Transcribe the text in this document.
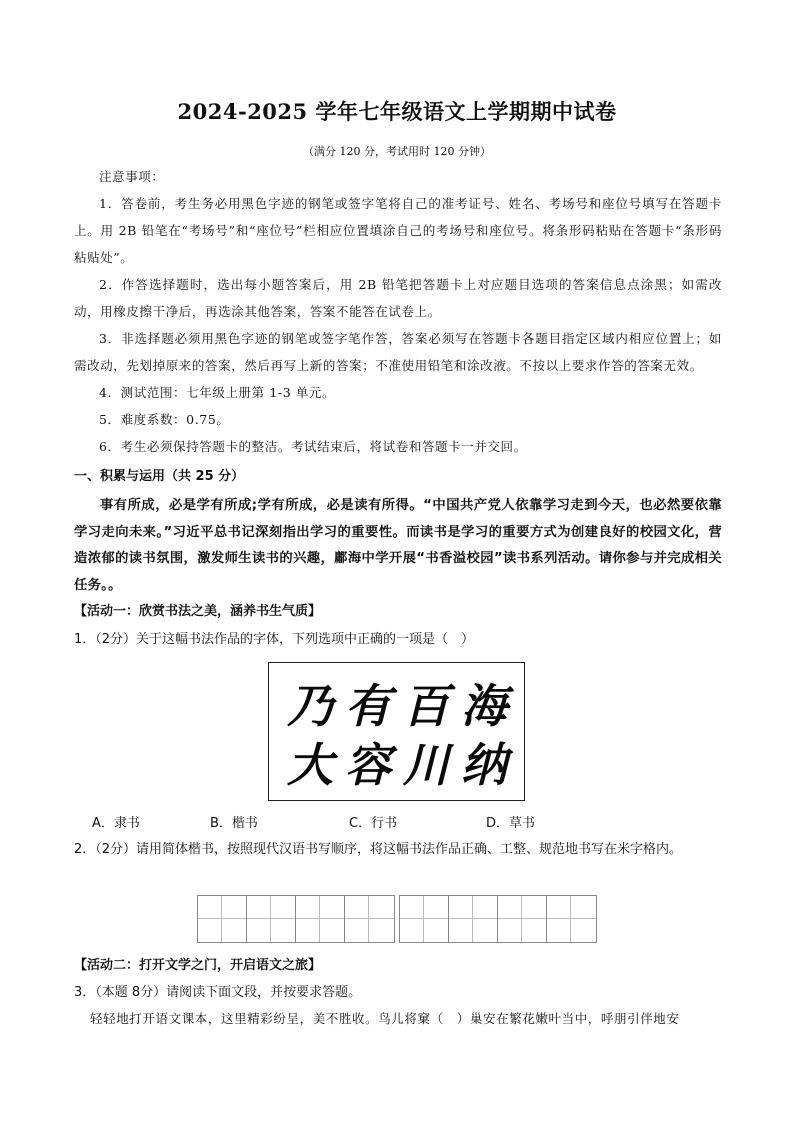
2024-2025 学年七年级语文上学期期中试卷
（满分 120 分，考试用时 120 分钟）

注意事项：

1．答卷前，考生务必用黑色字迹的钢笔或签字笔将自己的准考证号、姓名、考场号和座位号填写在答题卡上。用 2B 铅笔在“考场号”和“座位号”栏相应位置填涂自己的考场号和座位号。将条形码粘贴在答题卡“条形码粘贴处”。

2．作答选择题时，选出每小题答案后，用 2B 铅笔把答题卡上对应题目选项的答案信息点涂黑；如需改动，用橡皮擦干净后，再选涂其他答案，答案不能答在试卷上。

3．非选择题必须用黑色字迹的钢笔或签字笔作答，答案必须写在答题卡各题目指定区域内相应位置上；如需改动，先划掉原来的答案，然后再写上新的答案；不准使用铅笔和涂改液。不按以上要求作答的答案无效。

4．测试范围：七年级上册第 1-3 单元。

5．难度系数：0.75。

6．考生必须保持答题卡的整洁。考试结束后，将试卷和答题卡一并交回。

一、积累与运用（共 25 分）
事有所成，必是学有所成;学有所成，必是读有所得。“中国共产党人依靠学习走到今天，也必然要依靠学习走向未来。”习近平总书记深刻指出学习的重要性。而读书是学习的重要方式为创建良好的校园文化，营造浓郁的读书氛围，激发师生读书的兴趣，鄘海中学开展“书香溢校园”读书系列活动。请你参与并完成相关任务。。
【活动一：欣赏书法之美，涵养书生气质】
1．（2分）关于这幅书法作品的字体，下列选项中正确的一项是（　）
乃 有 百 海
大 容 川 纳
A．隶书	B．楷书	C．行书	D．草书
2．（2分）请用简体楷书，按照现代汉语书写顺序，将这幅书法作品正确、工整、规范地书写在米字格内。
【活动二：打开文学之门，开启语文之旅】
3．（本题 8分）请阅读下面文段，并按要求答题。
轻轻地打开语文课本，这里精彩纷呈，美不胜收。鸟儿将窠（　）巢安在繁花嫩叶当中，呼朋引伴地安
